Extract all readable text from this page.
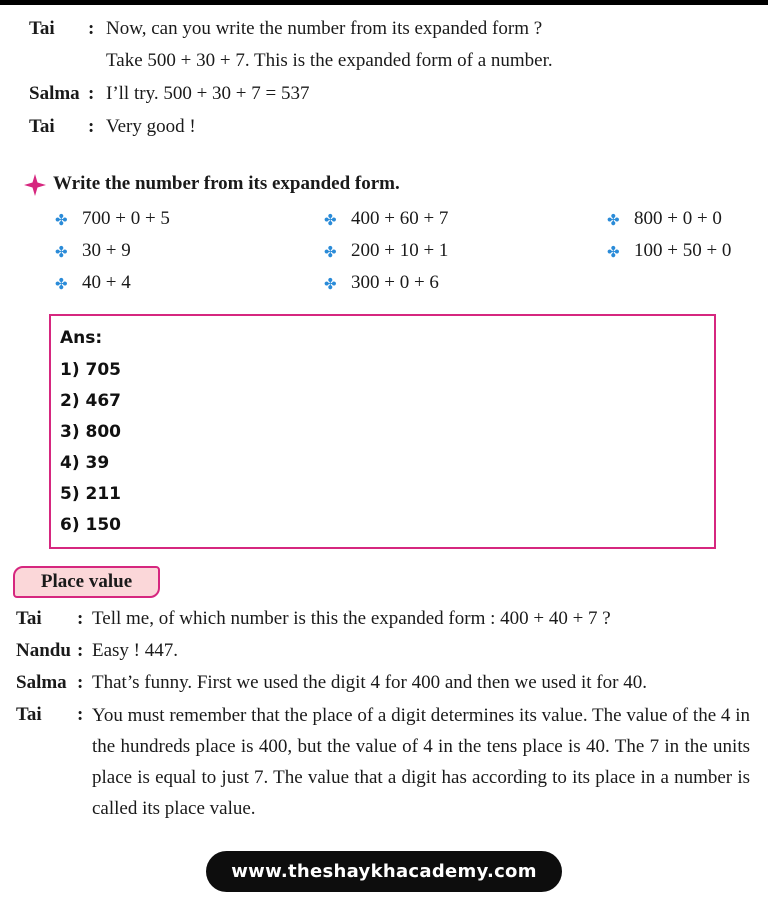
Tai : Now, can you write the number from its expanded form ?
Take 500 + 30 + 7. This is the expanded form of a number.
Salma : I’ll try. 500 + 30 + 7 = 537
Tai : Very good !
Write the number from its expanded form.
✤ 700 + 0 + 5	✤ 400 + 60 + 7	✤ 800 + 0 + 0
✤ 30 + 9	✤ 200 + 10 + 1	✤ 100 + 50 + 0
✤ 40 + 4	✤ 300 + 0 + 6
Ans:
1) 705
2) 467
3) 800
4) 39
5) 211
6) 150
Place value
Tai : Tell me, of which number is this the expanded form : 400 + 40 + 7 ?
Nandu : Easy ! 447.
Salma : That’s funny. First we used the digit 4 for 400 and then we used it for 40.
Tai : You must remember that the place of a digit determines its value. The value of the 4 in the hundreds place is 400, but the value of 4 in the tens place is 40. The 7 in the units place is equal to just 7. The value that a digit has according to its place in a number is called its place value.
www.theshaykhacademy.com
